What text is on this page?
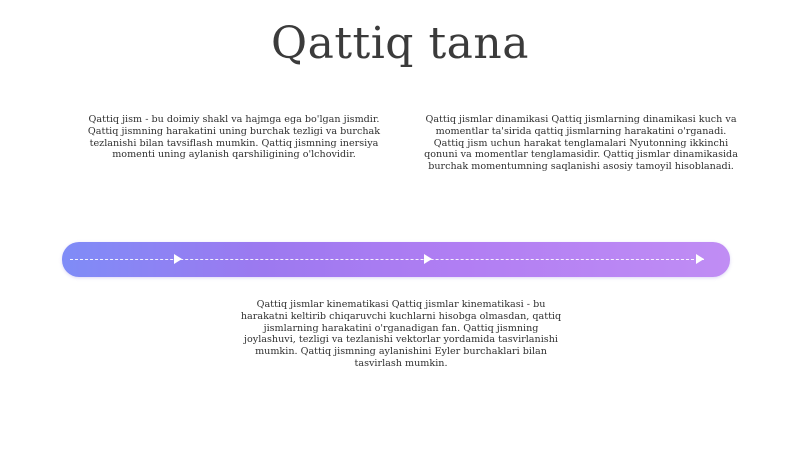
Qattiq tana
Qattiq jism - bu doimiy shakl va hajmga ega bo'lgan jismdir. Qattiq jismning harakatini uning burchak tezligi va burchak tezlanishi bilan tavsiflash mumkin. Qattiq jismning inersiya momenti uning aylanish qarshiligining o'lchovidir.
Qattiq jismlar dinamikasi Qattiq jismlarning dinamikasi kuch va momentlar ta'sirida qattiq jismlarning harakatini o'rganadi. Qattiq jism uchun harakat tenglamalari Nyutonning ikkinchi qonuni va momentlar tenglamasidir. Qattiq jismlar dinamikasida burchak momentumning saqlanishi asosiy tamoyil hisoblanadi.
Qattiq jismlar kinematikasi Qattiq jismlar kinematikasi - bu harakatni keltirib chiqaruvchi kuchlarni hisobga olmasdan, qattiq jismlarning harakatini o'rganadigan fan. Qattiq jismning joylashuvi, tezligi va tezlanishi vektorlar yordamida tasvirlanishi mumkin. Qattiq jismning aylanishini Eyler burchaklari bilan tasvirlash mumkin.
